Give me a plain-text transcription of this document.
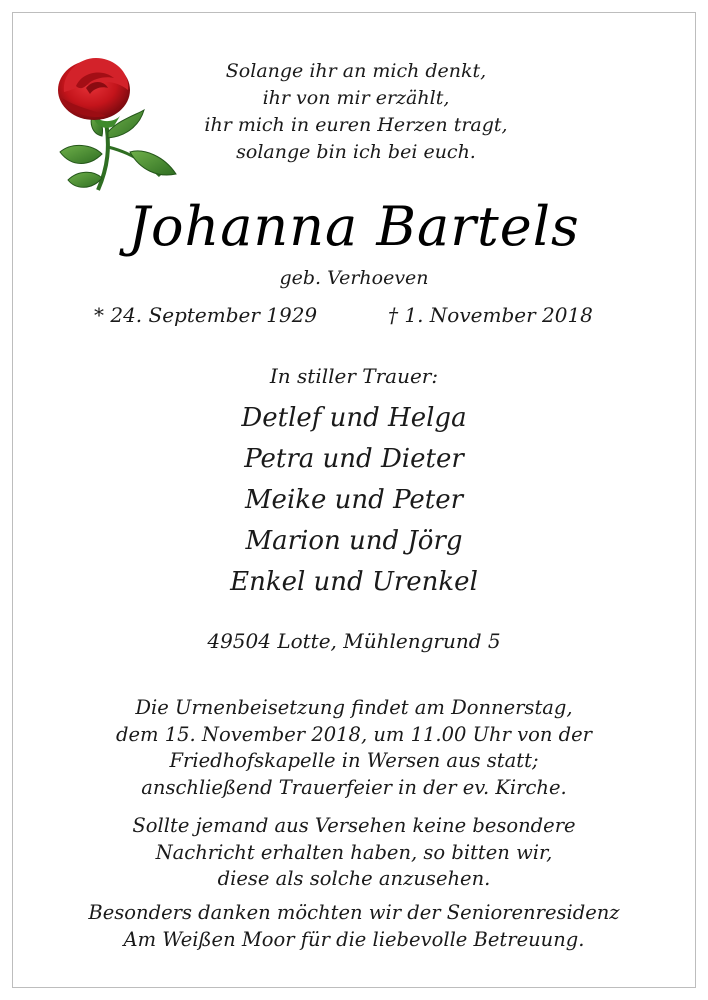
Solange ihr an mich denkt,
ihr von mir erzählt,
ihr mich in euren Herzen tragt,
solange bin ich bei euch.
Johanna Bartels
geb. Verhoeven
* 24. September 1929	† 1. November 2018
In stiller Trauer:
Detlef und Helga
Petra und Dieter
Meike und Peter
Marion und Jörg
Enkel und Urenkel
49504 Lotte, Mühlengrund 5
Die Urnenbeisetzung findet am Donnerstag,
dem 15. November 2018, um 11.00 Uhr von der
Friedhofskapelle in Wersen aus statt;
anschließend Trauerfeier in der ev. Kirche.
Sollte jemand aus Versehen keine besondere
Nachricht erhalten haben, so bitten wir,
diese als solche anzusehen.
Besonders danken möchten wir der Seniorenresidenz
Am Weißen Moor für die liebevolle Betreuung.
